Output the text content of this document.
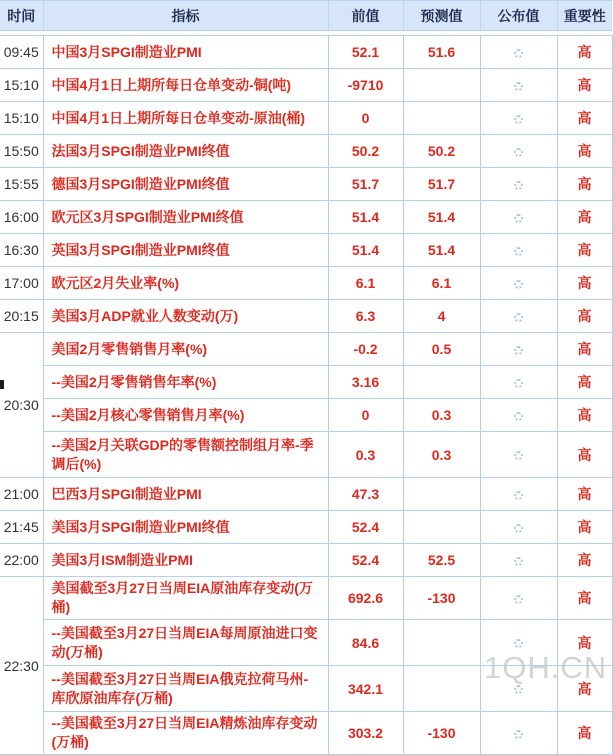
时间	指标	前值	预测值	公布值	重要性

09:45	中国3月SPGI制造业PMI	52.1	51.6		高
15:10	中国4月1日上期所每日仓单变动-铜(吨)	-9710			高
15:10	中国4月1日上期所每日仓单变动-原油(桶)	0			高
15:50	法国3月SPGI制造业PMI终值	50.2	50.2		高
15:55	德国3月SPGI制造业PMI终值	51.7	51.7		高
16:00	欧元区3月SPGI制造业PMI终值	51.4	51.4		高
16:30	英国3月SPGI制造业PMI终值	51.4	51.4		高
17:00	欧元区2月失业率(%)	6.1	6.1		高
20:15	美国3月ADP就业人数变动(万)	6.3	4		高
20:30	美国2月零售销售月率(%)	-0.2	0.5		高
	--美国2月零售销售年率(%)	3.16			高
	--美国2月核心零售销售月率(%)	0	0.3		高
	--美国2月关联GDP的零售额控制组月率-季调后(%)	0.3	0.3		高
21:00	巴西3月SPGI制造业PMI	47.3			高
21:45	美国3月SPGI制造业PMI终值	52.4			高
22:00	美国3月ISM制造业PMI	52.4	52.5		高
22:30	美国截至3月27日当周EIA原油库存变动(万桶)	692.6	-130		高
	--美国截至3月27日当周EIA每周原油进口变动(万桶)	84.6			高
	--美国截至3月27日当周EIA俄克拉荷马州-库欣原油库存(万桶)	342.1			高
	--美国截至3月27日当周EIA精炼油库存变动(万桶)	303.2	-130		高
1QH.CN
